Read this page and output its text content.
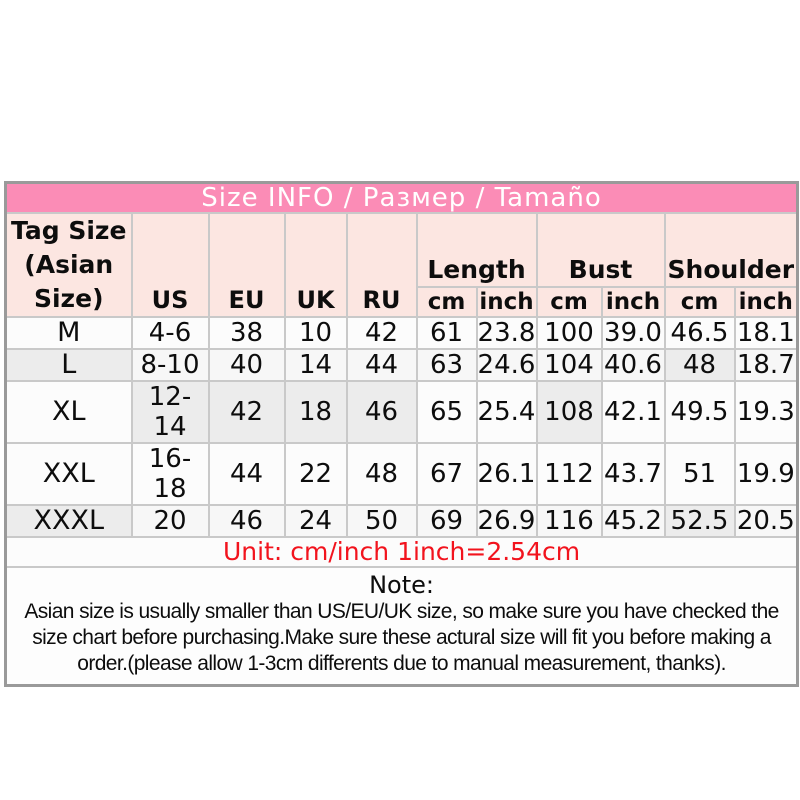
Size INFO / Размер / Tamaño										

Tag Size
(Asian
Size)	US	EU	UK	RU	Length		Bust		Shoulder	
					cm	inch	cm	inch	cm	inch
M	4-6	38	10	42	61	23.8	100	39.0	46.5	18.1
L	8-10	40	14	44	63	24.6	104	40.6	48	18.7
XL	12-14	42	18	46	65	25.4	108	42.1	49.5	19.3
XXL	16-18	44	22	48	67	26.1	112	43.7	51	19.9
XXXL	20	46	24	50	69	26.9	116	45.2	52.5	20.5
Unit: cm/inch 1inch=2.54cm										

Note:
Asian size is usually smaller than US/EU/UK size, so make sure you have checked the
size chart before purchasing.Make sure these actural size will fit you before making a
order.(please allow 1-3cm differents due to manual measurement, thanks).										
